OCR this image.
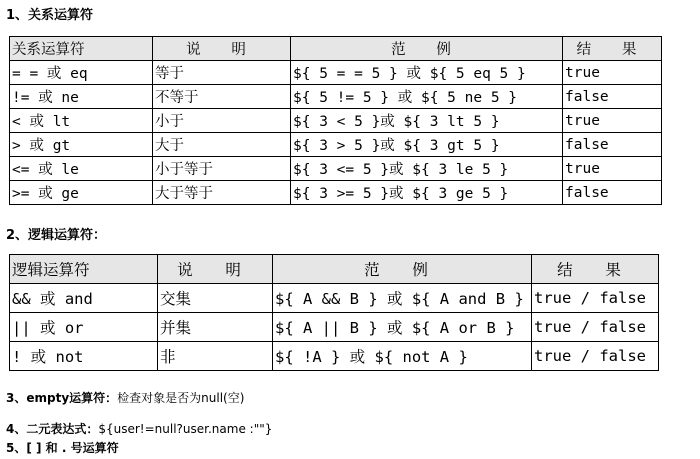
1、关系运算符
关系运算符	说 明	范 例	结 果
= = 或 eq	等于	${ 5 = = 5 } 或 ${ 5 eq 5 }	true
!= 或 ne	不等于	${ 5 != 5 } 或 ${ 5 ne 5 }	false
< 或 lt	小于	${ 3 < 5 }或 ${ 3 lt 5 }	true
> 或 gt	大于	${ 3 > 5 }或 ${ 3 gt 5 }	false
<= 或 le	小于等于	${ 3 <= 5 }或 ${ 3 le 5 }	true
>= 或 ge	大于等于	${ 3 >= 5 }或 ${ 3 ge 5 }	false
2、逻辑运算符：
逻辑运算符	说 明	范 例	结 果
&& 或 and	交集	${ A && B } 或 ${ A and B }	true / false
|| 或 or	并集	${ A || B } 或 ${ A or B }	true / false
! 或 not	非	${ !A } 或 ${ not A }	true / false
3、empty运算符：检查对象是否为null(空)
4、二元表达式：${user!=null?user.name :""}
5、[ ] 和 . 号运算符
